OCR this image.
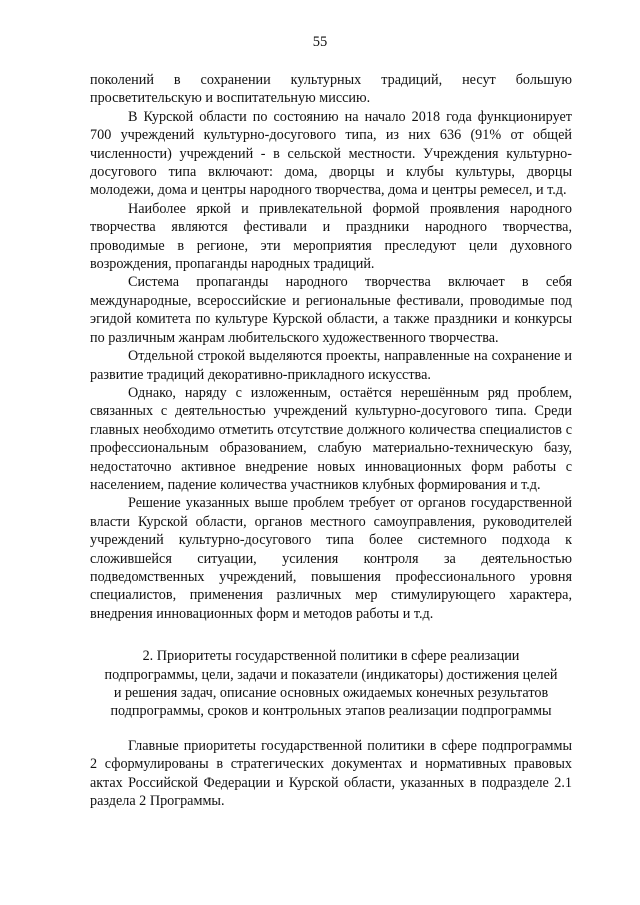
55

поколений в сохранении культурных традиций, несут большую просветительскую и воспитательную миссию.

В Курской области по состоянию на начало 2018 года функционирует 700 учреждений культурно-досугового типа, из них 636 (91% от общей численности) учреждений - в сельской местности. Учреждения культурно-досугового типа включают: дома, дворцы и клубы культуры, дворцы молодежи, дома и центры народного творчества, дома и центры ремесел, и т.д.

Наиболее яркой и привлекательной формой проявления народного творчества являются фестивали и праздники народного творчества, проводимые в регионе, эти мероприятия преследуют цели духовного возрождения, пропаганды народных традиций.

Система пропаганды народного творчества включает в себя международные, всероссийские и региональные фестивали, проводимые под эгидой комитета по культуре Курской области, а также праздники и конкурсы по различным жанрам любительского художественного творчества.

Отдельной строкой выделяются проекты, направленные на сохранение и развитие традиций декоративно-прикладного искусства.

Однако, наряду с изложенным, остаётся нерешённым ряд проблем, связанных с деятельностью учреждений культурно-досугового типа. Среди главных необходимо отметить отсутствие должного количества специалистов с профессиональным образованием, слабую материально-техническую базу, недостаточно активное внедрение новых инновационных форм работы с населением, падение количества участников клубных формирования и т.д.

Решение указанных выше проблем требует от органов государственной власти Курской области, органов местного самоуправления, руководителей учреждений культурно-досугового типа более системного подхода к сложившейся ситуации, усиления контроля за деятельностью подведомственных учреждений, повышения профессионального уровня специалистов, применения различных мер стимулирующего характера, внедрения инновационных форм и методов работы и т.д.

2. Приоритеты государственной политики в сфере реализации

подпрограммы, цели, задачи и показатели (индикаторы) достижения целей

и решения задач, описание основных ожидаемых конечных результатов

подпрограммы, сроков и контрольных этапов реализации подпрограммы

Главные приоритеты государственной политики в сфере подпрограммы 2 сформулированы в стратегических документах и нормативных правовых актах Российской Федерации и Курской области, указанных в подразделе 2.1 раздела 2 Программы.
